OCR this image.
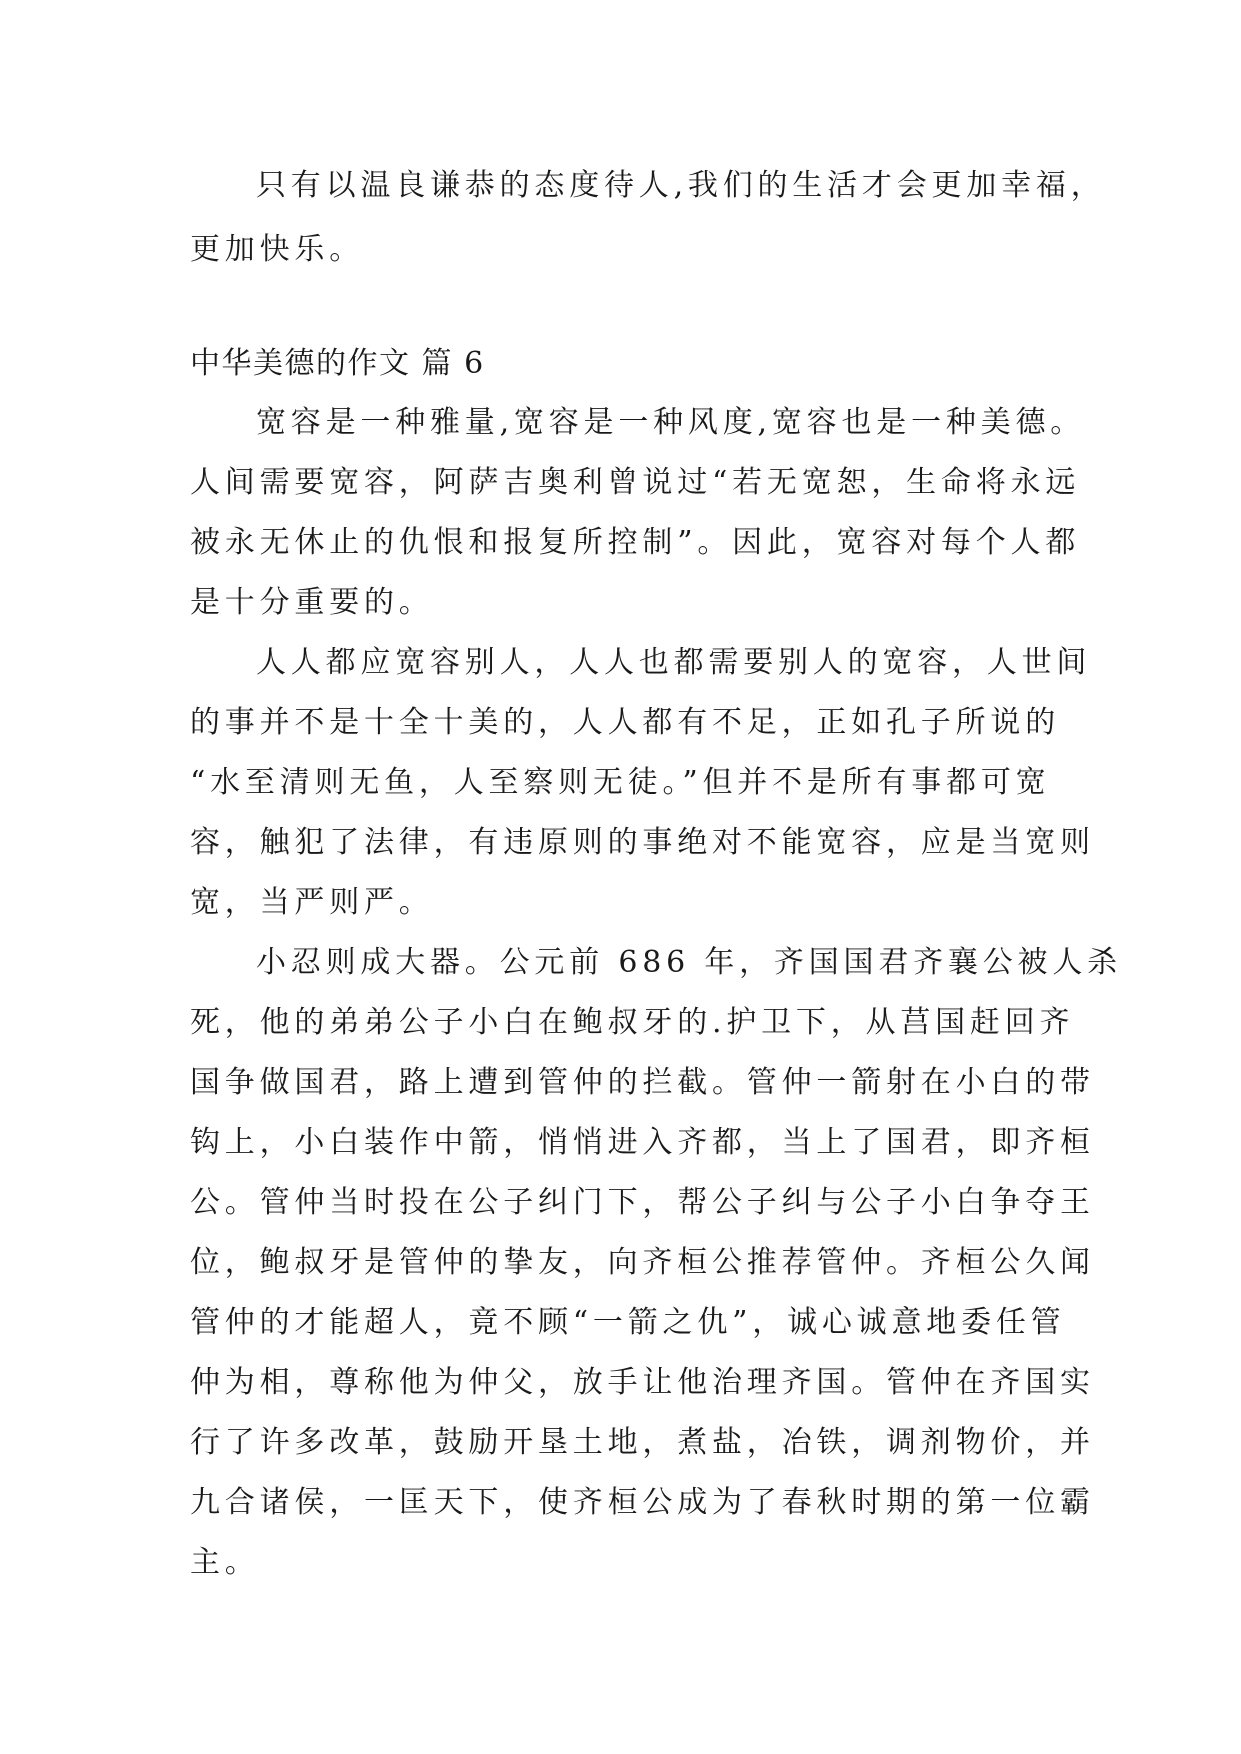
只有以温良谦恭的态度待人,我们的生活才会更加幸福，
更加快乐。
中华美德的作文 篇 6
宽容是一种雅量,宽容是一种风度,宽容也是一种美德。
人间需要宽容，阿萨吉奥利曾说过“若无宽恕，生命将永远
被永无休止的仇恨和报复所控制”。因此，宽容对每个人都
是十分重要的。
人人都应宽容别人，人人也都需要别人的宽容，人世间
的事并不是十全十美的，人人都有不足，正如孔子所说的
“水至清则无鱼，人至察则无徒。”但并不是所有事都可宽
容，触犯了法律，有违原则的事绝对不能宽容，应是当宽则
宽，当严则严。
小忍则成大器。公元前 686 年，齐国国君齐襄公被人杀
死，他的弟弟公子小白在鲍叔牙的.护卫下，从莒国赶回齐
国争做国君，路上遭到管仲的拦截。管仲一箭射在小白的带
钩上，小白装作中箭，悄悄进入齐都，当上了国君，即齐桓
公。管仲当时投在公子纠门下，帮公子纠与公子小白争夺王
位，鲍叔牙是管仲的挚友，向齐桓公推荐管仲。齐桓公久闻
管仲的才能超人，竟不顾“一箭之仇”，诚心诚意地委任管
仲为相，尊称他为仲父，放手让他治理齐国。管仲在齐国实
行了许多改革，鼓励开垦土地，煮盐，冶铁，调剂物价，并
九合诸侯，一匡天下，使齐桓公成为了春秋时期的第一位霸
主。
